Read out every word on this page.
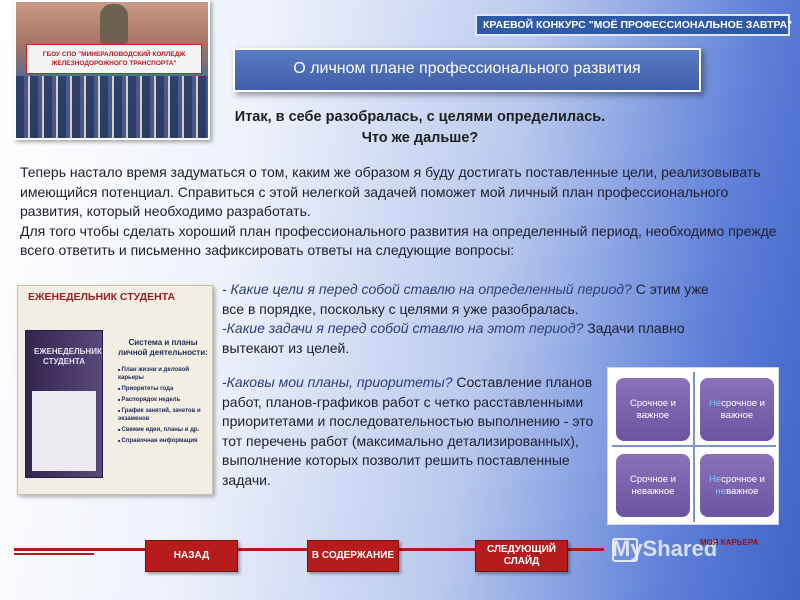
ГБОУ СПО "МИНЕРАЛОВОДСКИЙ КОЛЛЕДЖ ЖЕЛЕЗНОДОРОЖНОГО ТРАНСПОРТА"
КРАЕВОЙ КОНКУРС "МОЁ ПРОФЕССИОНАЛЬНОЕ ЗАВТРА"
О личном плане профессионального развития
Итак, в себе разобралась, с целями определилась.
Что же дальше?
Теперь настало время задуматься о том, каким же образом я буду достигать поставленные цели, реализовывать имеющийся потенциал. Справиться с этой нелегкой задачей поможет мой личный план профессионального развития, который необходимо разработать.
Для того чтобы сделать хороший план профессионального развития на определенный период, необходимо прежде всего ответить и письменно зафиксировать ответы на следующие вопросы:
ЕЖЕНЕДЕЛЬНИК СТУДЕНТА
ЕЖЕНЕДЕЛЬНИК СТУДЕНТА
Система и планы личной деятельности:
■ План жизни и деловой карьеры
■ Приоритеты года
■ Распорядок недель
■ График занятий, зачетов и экзаменов
■ Свежие идеи, планы и др.
■ Справочная информация
- Какие цели я перед собой ставлю на определенный период? С этим уже все в порядке, поскольку с целями я уже разобралась.
-Какие задачи я перед собой ставлю на этот период? Задачи плавно вытекают из целей.
-Каковы мои планы, приоритеты? Составление планов работ, планов-графиков работ с четко расставленными приоритетами и последовательностью выполнению - это тот перечень работ (максимально детализированных), выполнение которых позволит решить поставленные задачи.
Срочное и важное
Несрочное и важное
Срочное и неважное
Несрочное и неважное
НАЗАД	В СОДЕРЖАНИЕ
СЛЕДУЮЩИЙ СЛАЙД
MyShared
МОЯ КАРЬЕРА
